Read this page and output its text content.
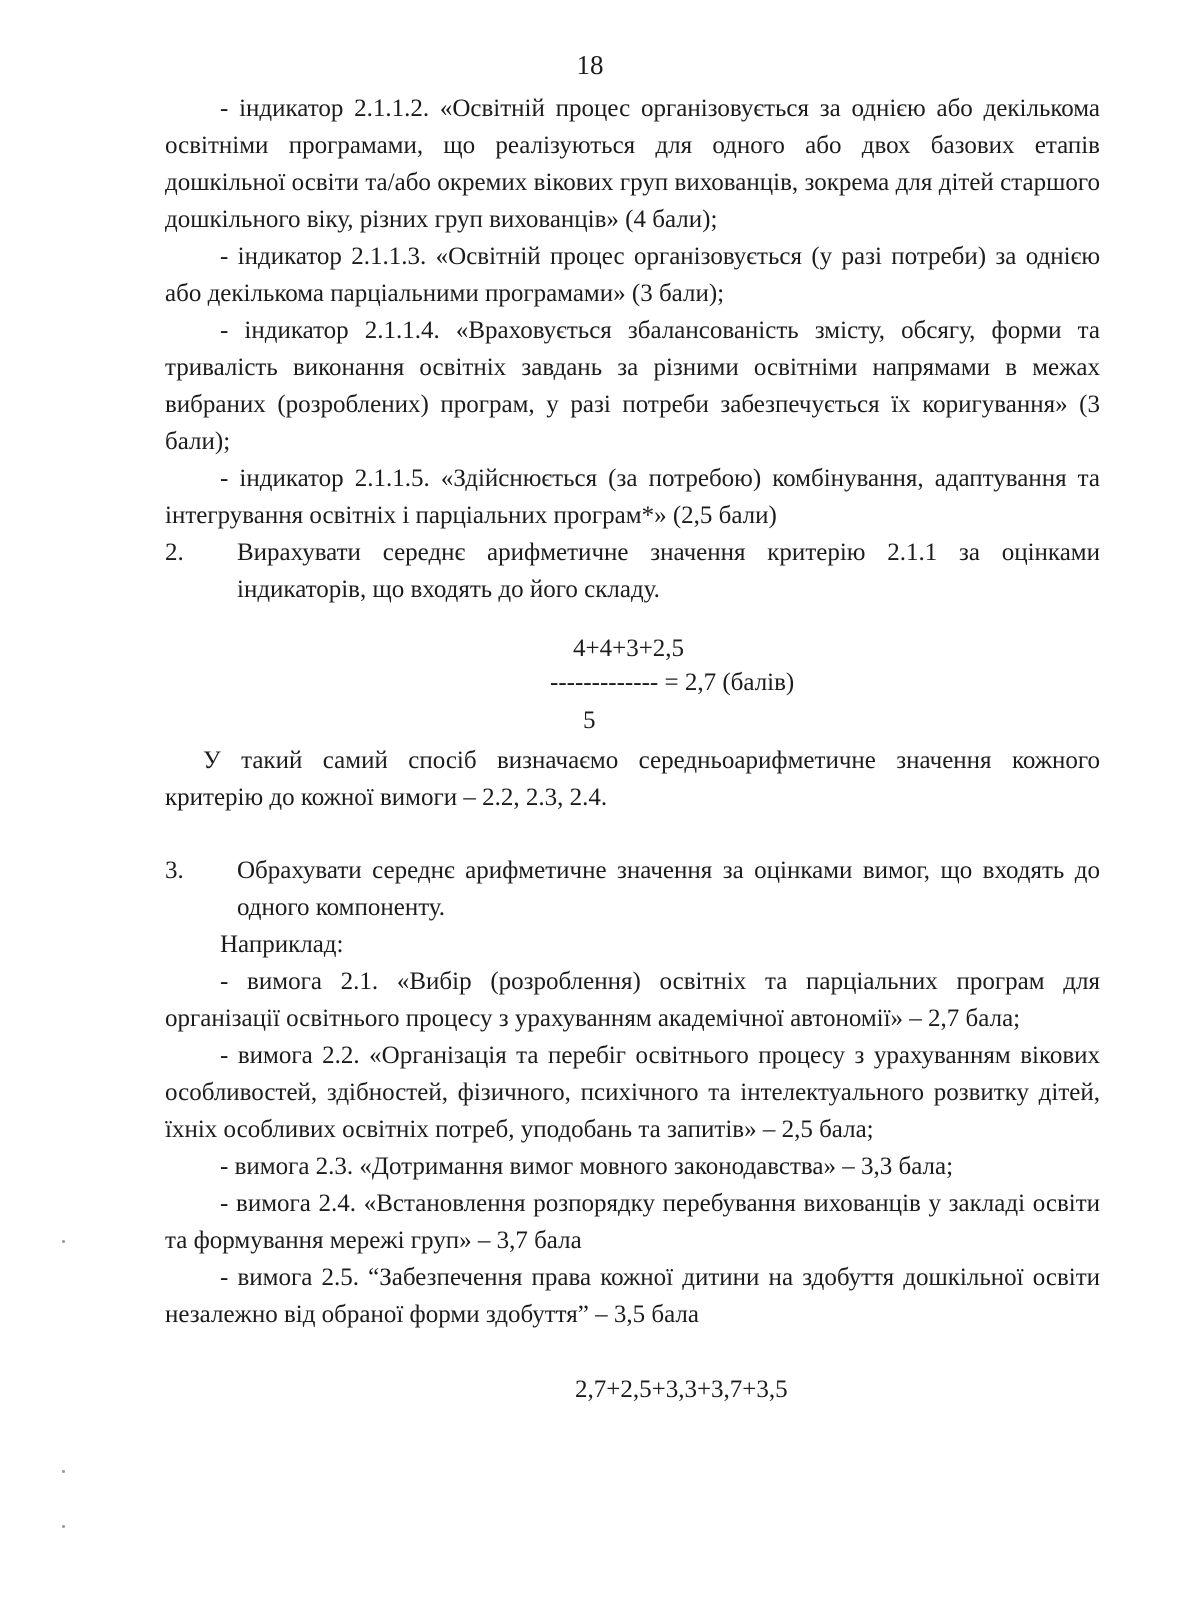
18

- індикатор 2.1.1.2. «Освітній процес організовується за однією або декількома освітніми програмами, що реалізуються для одного або двох базових етапів дошкільної освіти та/або окремих вікових груп вихованців, зокрема для дітей старшого дошкільного віку, різних груп вихованців» (4 бали);

- індикатор 2.1.1.3. «Освітній процес організовується (у разі потреби) за однією або декількома парціальними програмами» (3 бали);

- індикатор 2.1.1.4. «Враховується збалансованість змісту, обсягу, форми та тривалість виконання освітніх завдань за різними освітніми напрямами в межах вибраних (розроблених) програм, у разі потреби забезпечується їх коригування» (3 бали);

- індикатор 2.1.1.5. «Здійснюється (за потребою) комбінування, адаптування та інтегрування освітніх і парціальних програм*» (2,5 бали)

2.	Вирахувати середнє арифметичне значення критерію 2.1.1 за оцінками індикаторів, що входять до його складу.
4+4+3+2,5
------------- = 2,7 (балів)
5

У такий самий спосіб визначаємо середньоарифметичне значення кожного критерію до кожної вимоги – 2.2, 2.3, 2.4.

3.	Обрахувати середнє арифметичне значення за оцінками вимог, що входять до одного компоненту.

Наприклад:

- вимога 2.1. «Вибір (розроблення) освітніх та парціальних програм для організації освітнього процесу з урахуванням академічної автономії» – 2,7 бала;

- вимога 2.2. «Організація та перебіг освітнього процесу з урахуванням вікових особливостей, здібностей, фізичного, психічного та інтелектуального розвитку дітей, їхніх особливих освітніх потреб, уподобань та запитів» – 2,5 бала;

- вимога 2.3. «Дотримання вимог мовного законодавства» – 3,3 бала;

- вимога 2.4. «Встановлення розпорядку перебування вихованців у закладі освіти та формування мережі груп» – 3,7 бала

- вимога 2.5. “Забезпечення права кожної дитини на здобуття дошкільної освіти незалежно від обраної форми здобуття” – 3,5 бала

2,7+2,5+3,3+3,7+3,5
